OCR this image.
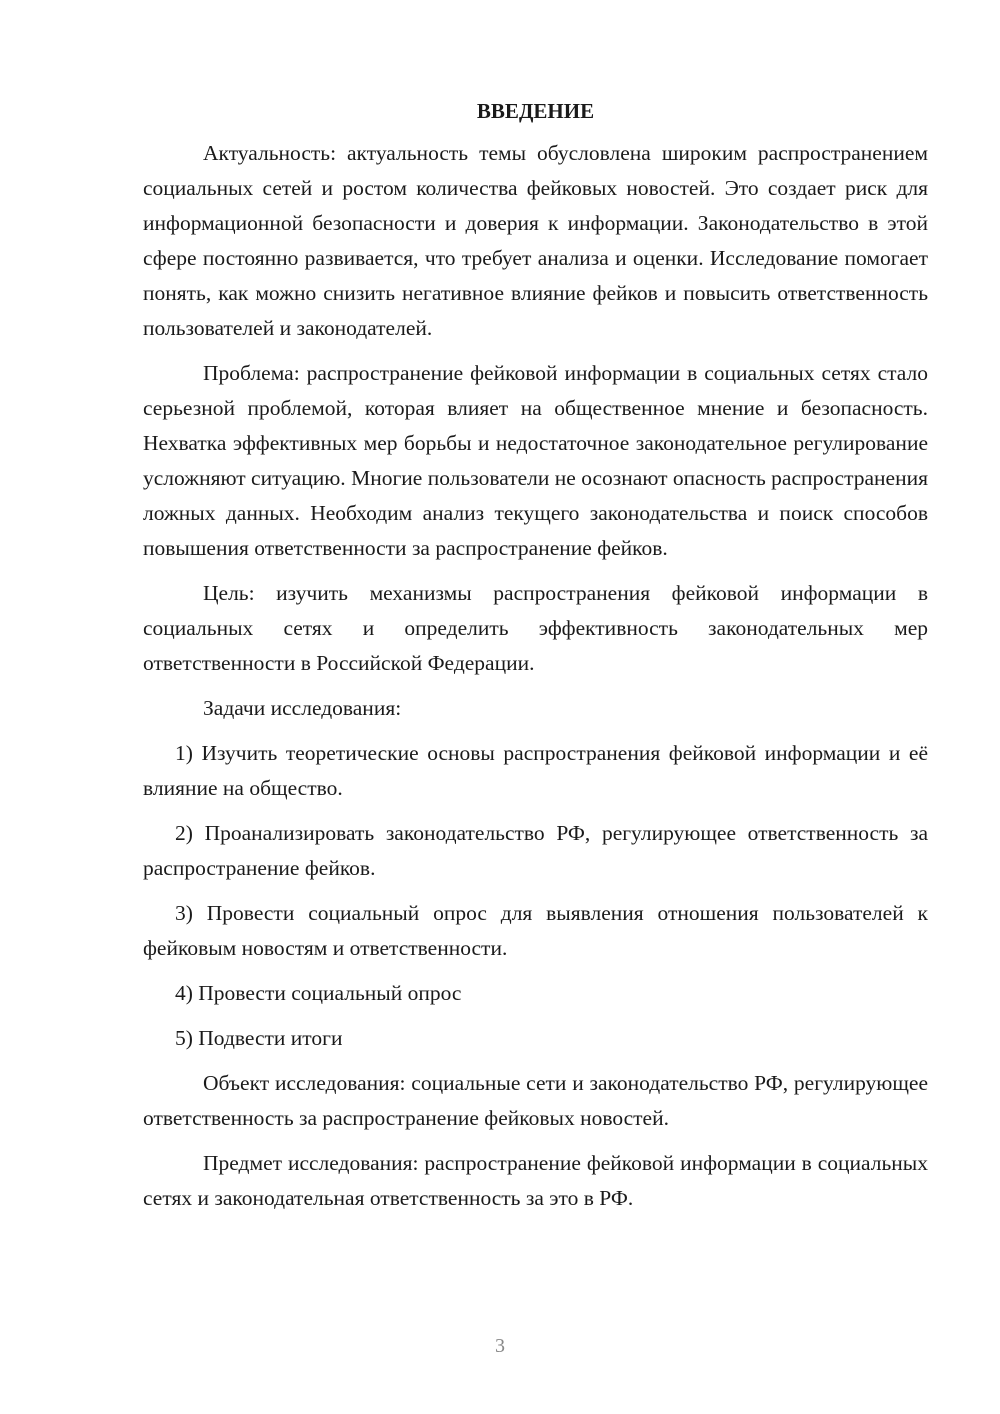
ВВЕДЕНИЕ

Актуальность: актуальность темы обусловлена широким распространением социальных сетей и ростом количества фейковых новостей. Это создает риск для информационной безопасности и доверия к информации. Законодательство в этой сфере постоянно развивается, что требует анализа и оценки. Исследование помогает понять, как можно снизить негативное влияние фейков и повысить ответственность пользователей и законодателей.

Проблема: распространение фейковой информации в социальных сетях стало серьезной проблемой, которая влияет на общественное мнение и безопасность. Нехватка эффективных мер борьбы и недостаточное законодательное регулирование усложняют ситуацию. Многие пользователи не осознают опасность распространения ложных данных. Необходим анализ текущего законодательства и поиск способов повышения ответственности за распространение фейков.

Цель: изучить механизмы распространения фейковой информации в социальных сетях и определить эффективность законодательных мер ответственности в Российской Федерации.

Задачи исследования:

1) Изучить теоретические основы распространения фейковой информации и её влияние на общество.

2) Проанализировать законодательство РФ, регулирующее ответственность за распространение фейков.

3) Провести социальный опрос для выявления отношения пользователей к фейковым новостям и ответственности.

4) Провести социальный опрос

5) Подвести итоги

Объект исследования: социальные сети и законодательство РФ, регулирующее ответственность за распространение фейковых новостей.

Предмет исследования: распространение фейковой информации в социальных сетях и законодательная ответственность за это в РФ.

3
